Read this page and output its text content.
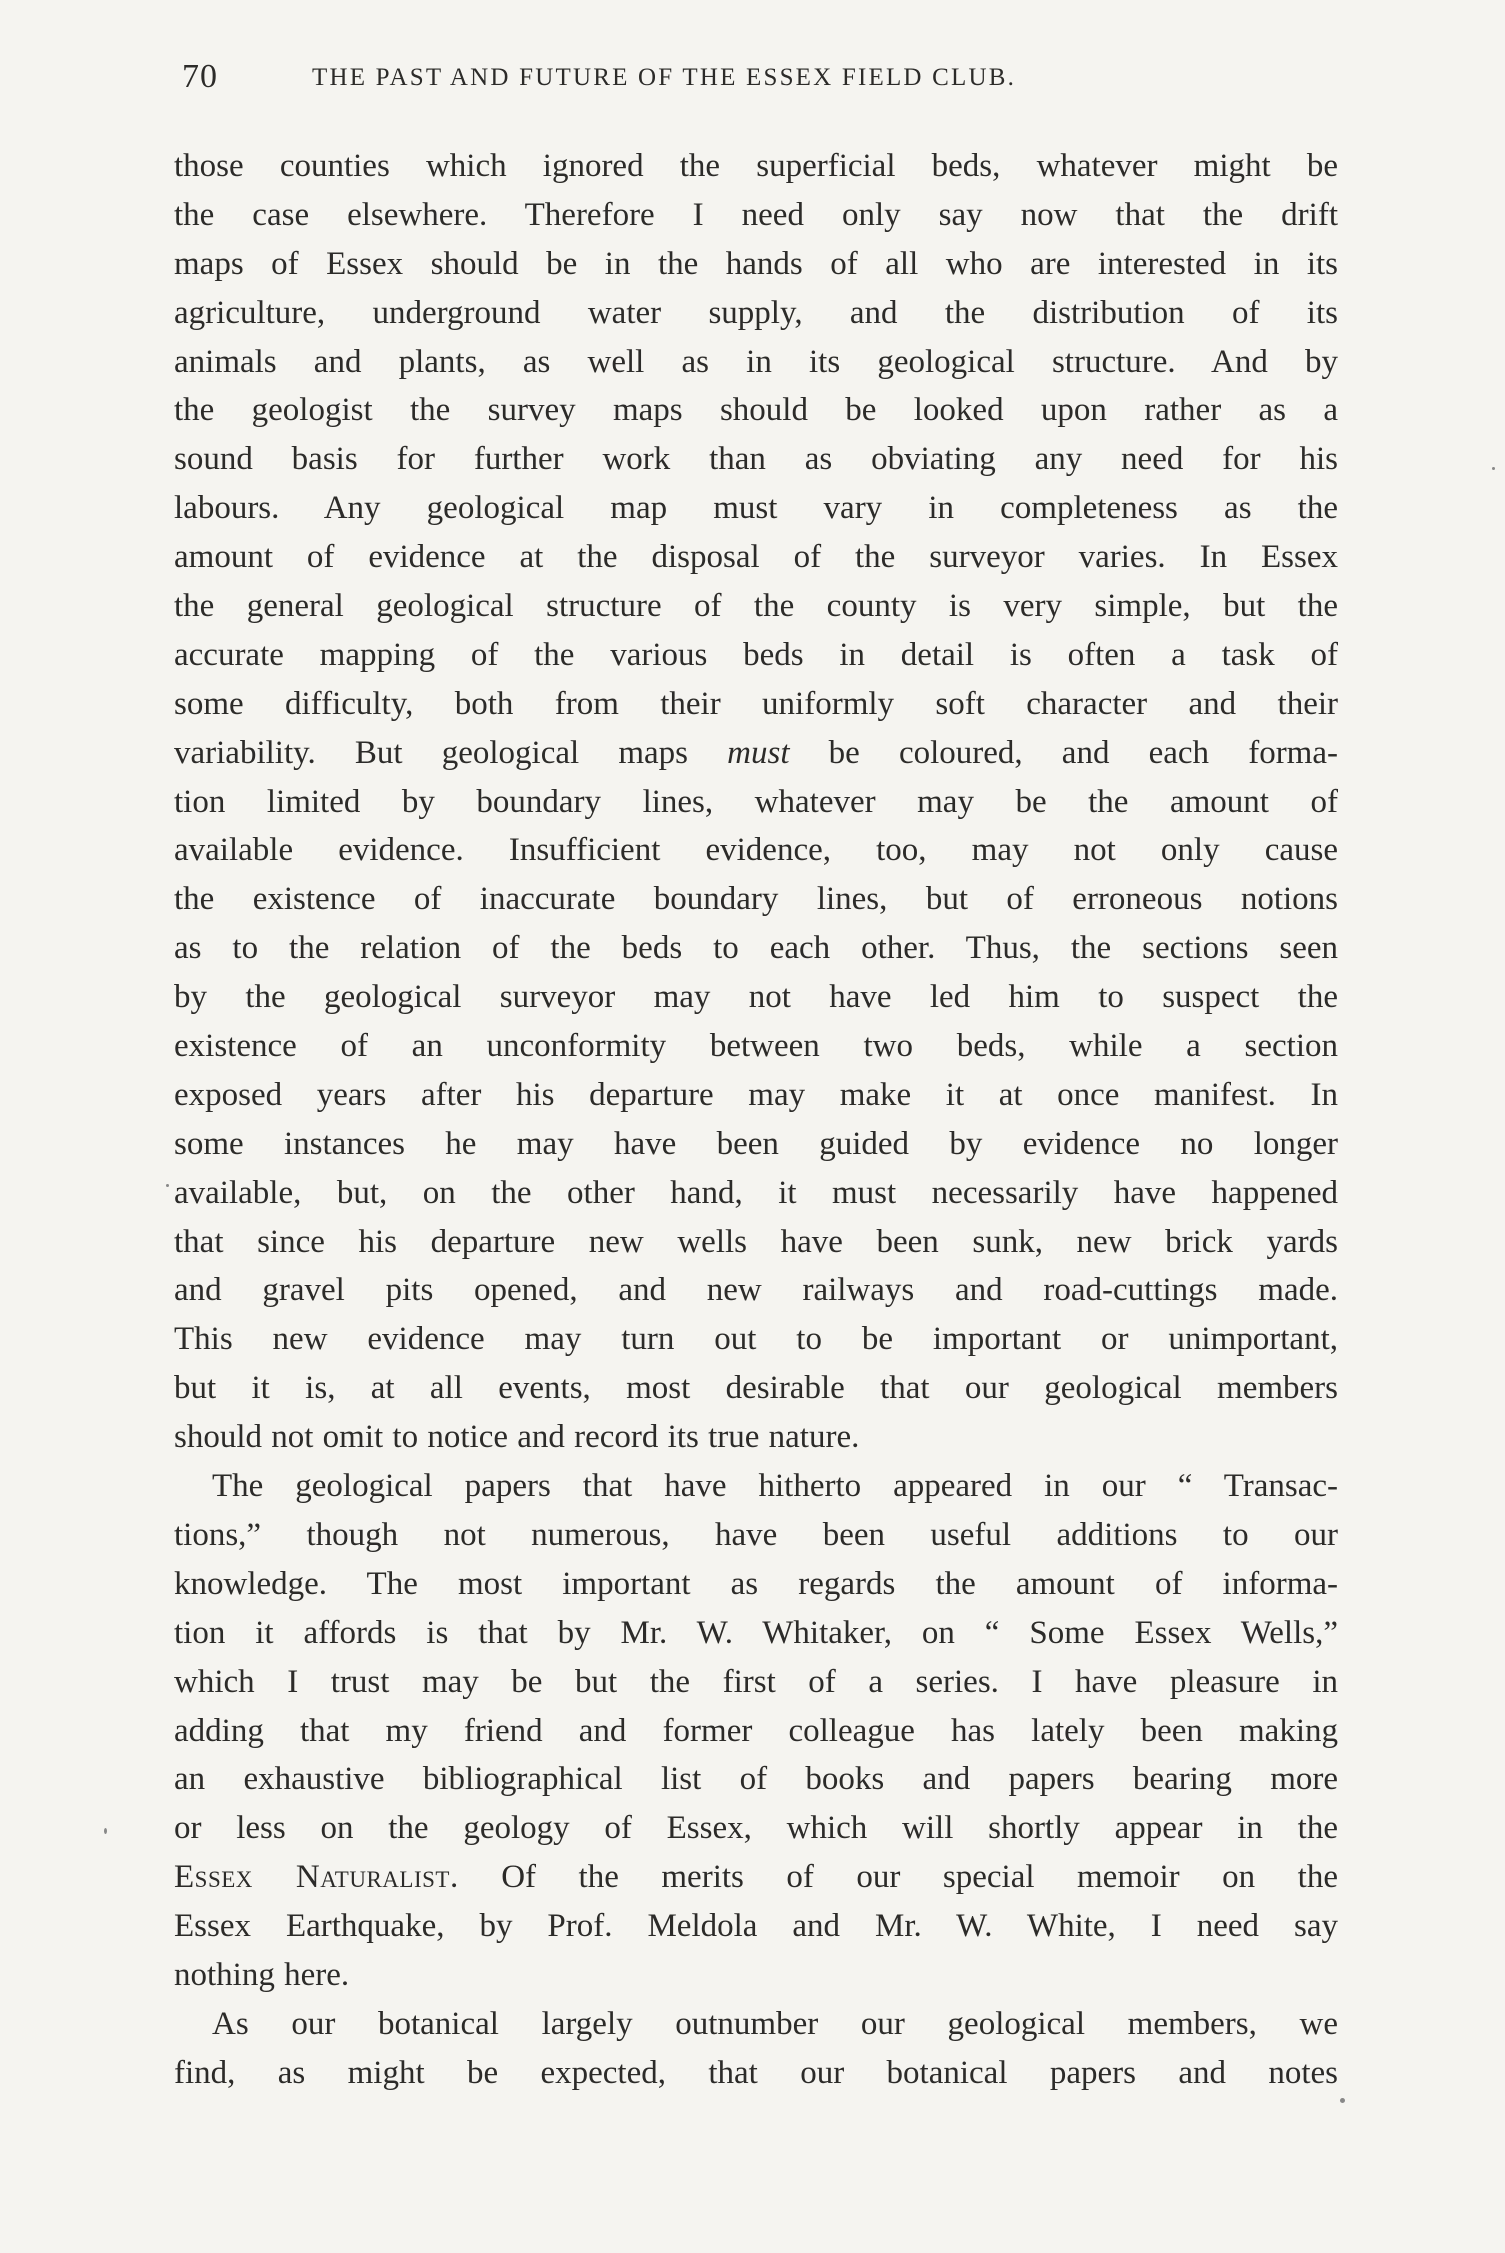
70	THE PAST AND FUTURE OF THE ESSEX FIELD CLUB.
those counties which ignored the superficial beds, whatever might be
the case elsewhere. Therefore I need only say now that the drift
maps of Essex should be in the hands of all who are interested in its
agriculture, underground water supply, and the distribution of its
animals and plants, as well as in its geological structure. And by
the geologist the survey maps should be looked upon rather as a
sound basis for further work than as obviating any need for his
labours. Any geological map must vary in completeness as the
amount of evidence at the disposal of the surveyor varies. In Essex
the general geological structure of the county is very simple, but the
accurate mapping of the various beds in detail is often a task of
some difficulty, both from their uniformly soft character and their
variability. But geological maps must be coloured, and each forma-
tion limited by boundary lines, whatever may be the amount of
available evidence. Insufficient evidence, too, may not only cause
the existence of inaccurate boundary lines, but of erroneous notions
as to the relation of the beds to each other. Thus, the sections seen
by the geological surveyor may not have led him to suspect the
existence of an unconformity between two beds, while a section
exposed years after his departure may make it at once manifest. In
some instances he may have been guided by evidence no longer
available, but, on the other hand, it must necessarily have happened
that since his departure new wells have been sunk, new brick yards
and gravel pits opened, and new railways and road-cuttings made.
This new evidence may turn out to be important or unimportant,
but it is, at all events, most desirable that our geological members
should not omit to notice and record its true nature.
The geological papers that have hitherto appeared in our “ Transac-
tions,” though not numerous, have been useful additions to our
knowledge. The most important as regards the amount of informa-
tion it affords is that by Mr. W. Whitaker, on “ Some Essex Wells,”
which I trust may be but the first of a series. I have pleasure in
adding that my friend and former colleague has lately been making
an exhaustive bibliographical list of books and papers bearing more
or less on the geology of Essex, which will shortly appear in the
Essex Naturalist. Of the merits of our special memoir on the
Essex Earthquake, by Prof. Meldola and Mr. W. White, I need say
nothing here.
As our botanical largely outnumber our geological members, we
find, as might be expected, that our botanical papers and notes
